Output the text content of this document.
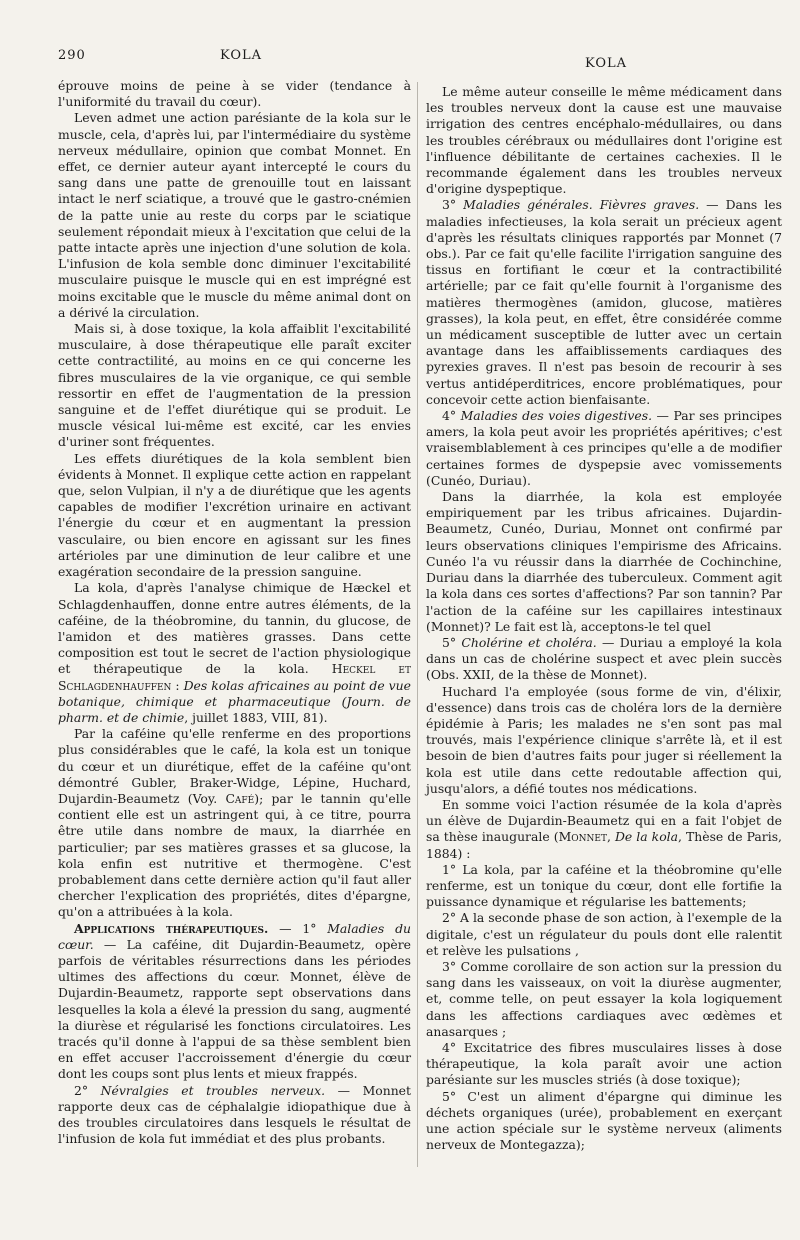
290	KOLA
KOLA

éprouve moins de peine à se vider (tendance à l'uniformité du travail du cœur).

Leven admet une action parésiante de la kola sur le muscle, cela, d'après lui, par l'intermédiaire du système nerveux médullaire, opinion que combat Monnet. En effet, ce dernier auteur ayant intercepté le cours du sang dans une patte de grenouille tout en laissant intact le nerf sciatique, a trouvé que le gastro-cnémien de la patte unie au reste du corps par le sciatique seulement répondait mieux à l'excitation que celui de la patte intacte après une injection d'une solution de kola. L'infusion de kola semble donc diminuer l'excitabilité musculaire puisque le muscle qui en est imprégné est moins excitable que le muscle du même animal dont on a dérivé la circulation.

Mais si, à dose toxique, la kola affaiblit l'excitabilité musculaire, à dose thérapeutique elle paraît exciter cette contractilité, au moins en ce qui concerne les fibres musculaires de la vie organique, ce qui semble ressortir en effet de l'augmentation de la pression sanguine et de l'effet diurétique qui se produit. Le muscle vésical lui-même est excité, car les envies d'uriner sont fréquentes.

Les effets diurétiques de la kola semblent bien évidents à Monnet. Il explique cette action en rappelant que, selon Vulpian, il n'y a de diurétique que les agents capables de modifier l'excrétion urinaire en activant l'énergie du cœur et en augmentant la pression vasculaire, ou bien encore en agissant sur les fines artérioles par une diminution de leur calibre et une exagération secondaire de la pression sanguine.

La kola, d'après l'analyse chimique de Hæckel et Schlagdenhauffen, donne entre autres éléments, de la caféine, de la théobromine, du tannin, du glucose, de l'amidon et des matières grasses. Dans cette composition est tout le secret de l'action physiologique et thérapeutique de la kola. Heckel et Schlagdenhauffen : Des kolas africaines au point de vue botanique, chimique et pharmaceutique (Journ. de pharm. et de chimie, juillet 1883, VIII, 81).

Par la caféine qu'elle renferme en des proportions plus considérables que le café, la kola est un tonique du cœur et un diurétique, effet de la caféine qu'ont démontré Gubler, Braker-Widge, Lépine, Huchard, Dujardin-Beaumetz (Voy. Café); par le tannin qu'elle contient elle est un astringent qui, à ce titre, pourra être utile dans nombre de maux, la diarrhée en particulier; par ses matières grasses et sa glucose, la kola enfin est nutritive et thermogène. C'est probablement dans cette dernière action qu'il faut aller chercher l'explication des propriétés, dites d'épargne, qu'on a attribuées à la kola.

Applications thérapeutiques. — 1° Maladies du cœur. — La caféine, dit Dujardin-Beaumetz, opère parfois de véritables résurrections dans les périodes ultimes des affections du cœur. Monnet, élève de Dujardin-Beaumetz, rapporte sept observations dans lesquelles la kola a élevé la pression du sang, augmenté la diurèse et régularisé les fonctions circulatoires. Les tracés qu'il donne à l'appui de sa thèse semblent bien en effet accuser l'accroissement d'énergie du cœur dont les coups sont plus lents et mieux frappés.

2° Névralgies et troubles nerveux. — Monnet rapporte deux cas de céphalalgie idiopathique due à des troubles circulatoires dans lesquels le résultat de l'infusion de kola fut immédiat et des plus probants.

Le même auteur conseille le même médicament dans les troubles nerveux dont la cause est une mauvaise irrigation des centres encéphalo-médullaires, ou dans les troubles cérébraux ou médullaires dont l'origine est l'influence débilitante de certaines cachexies. Il le recommande également dans les troubles nerveux d'origine dyspeptique.

3° Maladies générales. Fièvres graves. — Dans les maladies infectieuses, la kola serait un précieux agent d'après les résultats cliniques rapportés par Monnet (7 obs.). Par ce fait qu'elle facilite l'irrigation sanguine des tissus en fortifiant le cœur et la contractibilité artérielle; par ce fait qu'elle fournit à l'organisme des matières thermogènes (amidon, glucose, matières grasses), la kola peut, en effet, être considérée comme un médicament susceptible de lutter avec un certain avantage dans les affaiblissements cardiaques des pyrexies graves. Il n'est pas besoin de recourir à ses vertus antidéperditrices, encore problématiques, pour concevoir cette action bienfaisante.

4° Maladies des voies digestives. — Par ses principes amers, la kola peut avoir les propriétés apéritives; c'est vraisemblablement à ces principes qu'elle a de modifier certaines formes de dyspepsie avec vomissements (Cunéo, Duriau).

Dans la diarrhée, la kola est employée empiriquement par les tribus africaines. Dujardin-Beaumetz, Cunéo, Duriau, Monnet ont confirmé par leurs observations cliniques l'empirisme des Africains. Cunéo l'a vu réussir dans la diarrhée de Cochinchine, Duriau dans la diarrhée des tuberculeux. Comment agit la kola dans ces sortes d'affections? Par son tannin? Par l'action de la caféine sur les capillaires intestinaux (Monnet)? Le fait est là, acceptons-le tel quel

5° Cholérine et choléra. — Duriau a employé la kola dans un cas de cholérine suspect et avec plein succès (Obs. XXII, de la thèse de Monnet).

Huchard l'a employée (sous forme de vin, d'élixir, d'essence) dans trois cas de choléra lors de la dernière épidémie à Paris; les malades ne s'en sont pas mal trouvés, mais l'expérience clinique s'arrête là, et il est besoin de bien d'autres faits pour juger si réellement la kola est utile dans cette redoutable affection qui, jusqu'alors, a défié toutes nos médications.

En somme voici l'action résumée de la kola d'après un élève de Dujardin-Beaumetz qui en a fait l'objet de sa thèse inaugurale (Monnet, De la kola, Thèse de Paris, 1884) :

1° La kola, par la caféine et la théobromine qu'elle renferme, est un tonique du cœur, dont elle fortifie la puissance dynamique et régularise les battements;

2° A la seconde phase de son action, à l'exemple de la digitale, c'est un régulateur du pouls dont elle ralentit et relève les pulsations ,

3° Comme corollaire de son action sur la pression du sang dans les vaisseaux, on voit la diurèse augmenter, et, comme telle, on peut essayer la kola logiquement dans les affections cardiaques avec œdèmes et anasarques ;

4° Excitatrice des fibres musculaires lisses à dose thérapeutique, la kola paraît avoir une action parésiante sur les muscles striés (à dose toxique);

5° C'est un aliment d'épargne qui diminue les déchets organiques (urée), probablement en exerçant une action spéciale sur le système nerveux (aliments nerveux de Montegazza);
